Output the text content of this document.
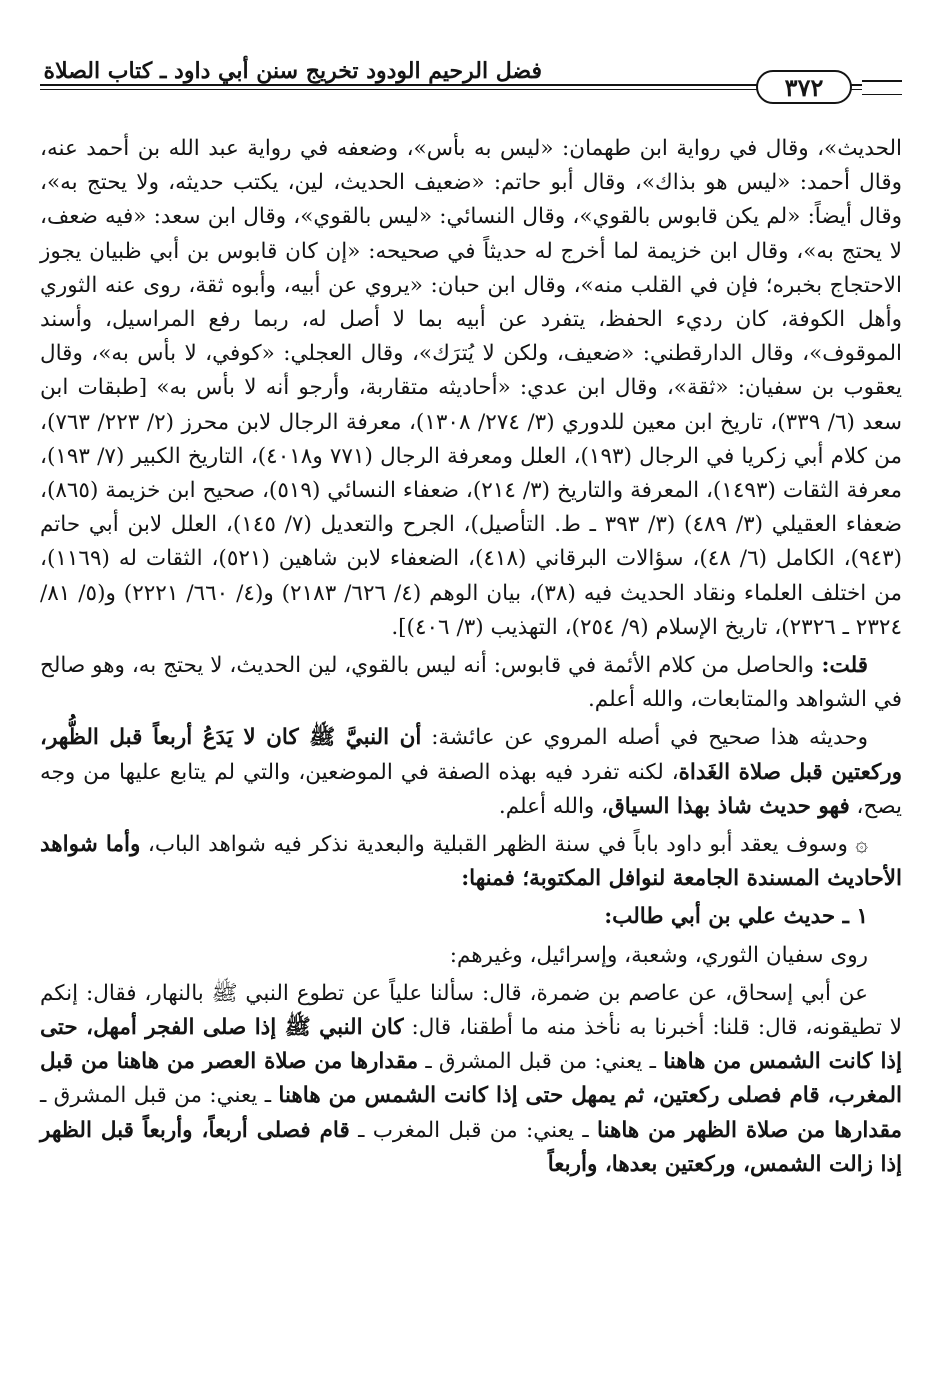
فضل الرحيم الودود تخريج سنن أبي داود ـ كتاب الصلاة
٣٧٢

الحديث»، وقال في رواية ابن طهمان: «ليس به بأس»، وضعفه في رواية عبد الله بن أحمد عنه، وقال أحمد: «ليس هو بذاك»، وقال أبو حاتم: «ضعيف الحديث، لين، يكتب حديثه، ولا يحتج به»، وقال أيضاً: «لم يكن قابوس بالقوي»، وقال النسائي: «ليس بالقوي»، وقال ابن سعد: «فيه ضعف، لا يحتج به»، وقال ابن خزيمة لما أخرج له حديثاً في صحيحه: «إن كان قابوس بن أبي ظبيان يجوز الاحتجاج بخبره؛ فإن في القلب منه»، وقال ابن حبان: «يروي عن أبيه، وأبوه ثقة، روى عنه الثوري وأهل الكوفة، كان رديء الحفظ، يتفرد عن أبيه بما لا أصل له، ربما رفع المراسيل، وأسند الموقوف»، وقال الدارقطني: «ضعيف، ولكن لا يُترَك»، وقال العجلي: «كوفي، لا بأس به»، وقال يعقوب بن سفيان: «ثقة»، وقال ابن عدي: «أحاديثه متقاربة، وأرجو أنه لا بأس به» [طبقات ابن سعد (٦/ ٣٣٩)، تاريخ ابن معين للدوري (٣/ ٢٧٤/ ١٣٠٨)، معرفة الرجال لابن محرز (٢/ ٢٢٣/ ٧٦٣)، من كلام أبي زكريا في الرجال (١٩٣)، العلل ومعرفة الرجال (٧٧١ و٤٠١٨)، التاريخ الكبير (٧/ ١٩٣)، معرفة الثقات (١٤٩٣)، المعرفة والتاريخ (٣/ ٢١٤)، ضعفاء النسائي (٥١٩)، صحيح ابن خزيمة (٨٦٥)، ضعفاء العقيلي (٣/ ٤٨٩) (٣/ ٣٩٣ ـ ط. التأصيل)، الجرح والتعديل (٧/ ١٤٥)، العلل لابن أبي حاتم (٩٤٣)، الكامل (٦/ ٤٨)، سؤالات البرقاني (٤١٨)، الضعفاء لابن شاهين (٥٢١)، الثقات له (١١٦٩)، من اختلف العلماء ونقاد الحديث فيه (٣٨)، بيان الوهم (٤/ ٦٢٦/ ٢١٨٣) و(٤/ ٦٦٠/ ٢٢٢١) و(٥/ ٨١/ ٢٣٢٤ ـ ٢٣٢٦)، تاريخ الإسلام (٩/ ٢٥٤)، التهذيب (٣/ ٤٠٦)].

قلت: والحاصل من كلام الأئمة في قابوس: أنه ليس بالقوي، لين الحديث، لا يحتج به، وهو صالح في الشواهد والمتابعات، والله أعلم.

وحديثه هذا صحيح في أصله المروي عن عائشة: أن النبيَّ ﷺ كان لا يَدَعُ أربعاً قبل الظُّهر، وركعتين قبل صلاة الغَداة، لكنه تفرد فيه بهذه الصفة في الموضعين، والتي لم يتابع عليها من وجه يصح، فهو حديث شاذ بهذا السياق، والله أعلم.

۞ وسوف يعقد أبو داود باباً في سنة الظهر القبلية والبعدية نذكر فيه شواهد الباب، وأما شواهد الأحاديث المسندة الجامعة لنوافل المكتوبة؛ فمنها:

١ ـ حديث علي بن أبي طالب:

روى سفيان الثوري، وشعبة، وإسرائيل، وغيرهم:

عن أبي إسحاق، عن عاصم بن ضمرة، قال: سألنا علياً عن تطوع النبي ﷺ بالنهار، فقال: إنكم لا تطيقونه، قال: قلنا: أخبرنا به نأخذ منه ما أطقنا، قال: كان النبي ﷺ إذا صلى الفجر أمهل، حتى إذا كانت الشمس من هاهنا ـ يعني: من قبل المشرق ـ مقدارها من صلاة العصر من هاهنا من قبل المغرب، قام فصلى ركعتين، ثم يمهل حتى إذا كانت الشمس من هاهنا ـ يعني: من قبل المشرق ـ مقدارها من صلاة الظهر من هاهنا ـ يعني: من قبل المغرب ـ قام فصلى أربعاً، وأربعاً قبل الظهر إذا زالت الشمس، وركعتين بعدها، وأربعاً
